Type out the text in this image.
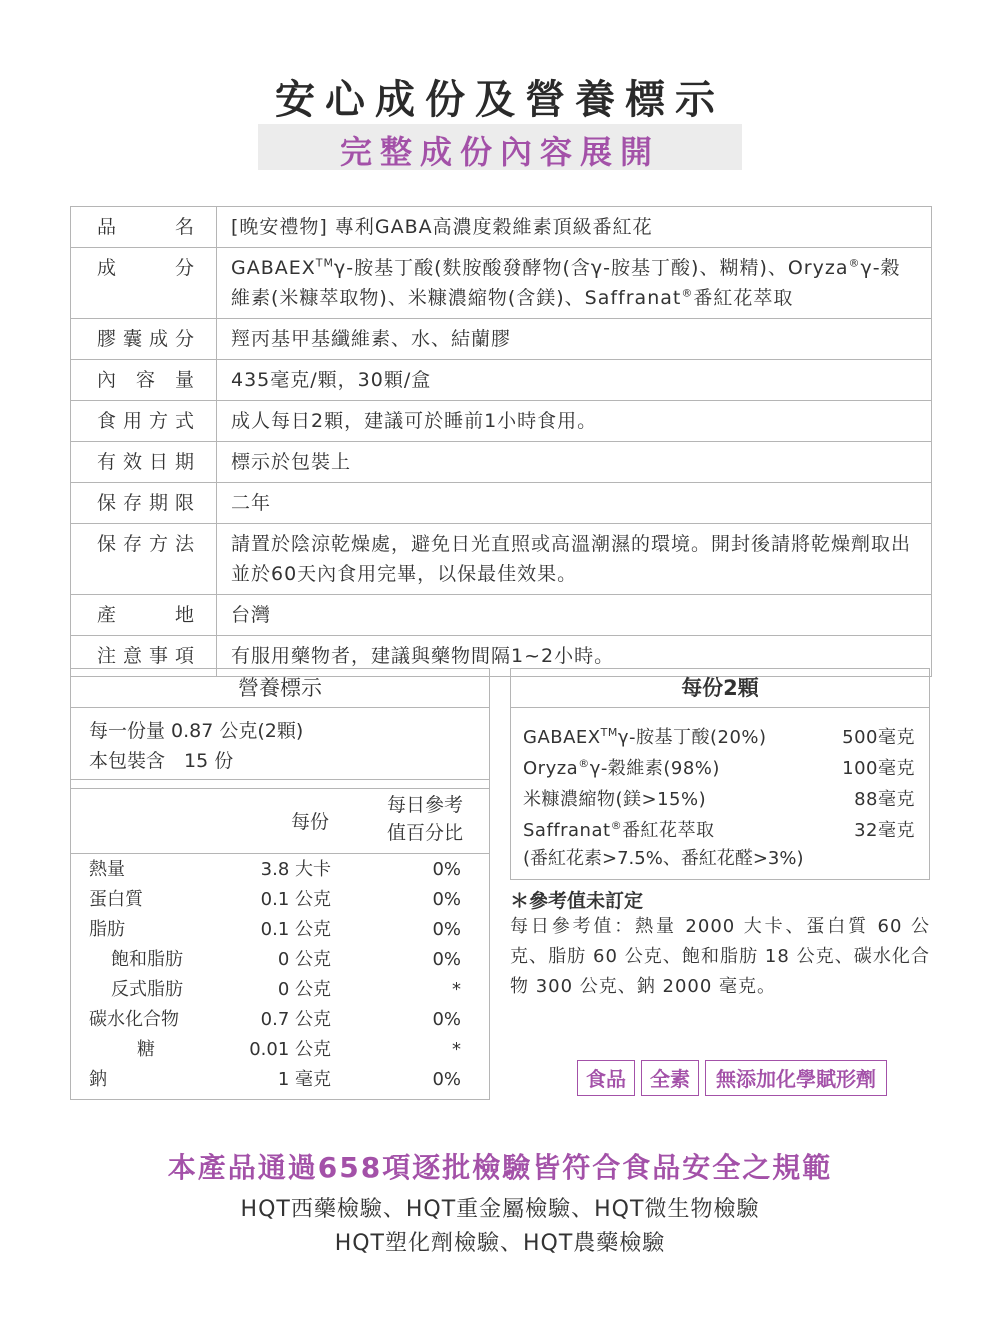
安心成份及營養標示
完整成份內容展開
品	名	[晚安禮物] 專利GABA高濃度穀維素頂級番紅花
成	分	GABAEX™γ-胺基丁酸(麩胺酸發酵物(含γ-胺基丁酸)、糊精)、Oryza®γ-穀維素(米糠萃取物)、米糠濃縮物(含鎂)、Saffranat®番紅花萃取
膠 囊 成 分	羥丙基甲基纖維素、水、結蘭膠
內 容 量	435毫克/顆，30顆/盒
食 用 方 式	成人每日2顆，建議可於睡前1小時食用。
有 效 日 期	標示於包裝上
保 存 期 限	二年
保 存 方 法	請置於陰涼乾燥處，避免日光直照或高溫潮濕的環境。開封後請將乾燥劑取出並於60天內食用完畢，以保最佳效果。
產	地	台灣
注 意 事 項	有服用藥物者，建議與藥物間隔1~2小時。
營養標示
每一份量 0.87 公克(2顆)
本包裝含　15 份
每份
每日參考
值百分比
熱量	3.8 大卡	0%
蛋白質	0.1 公克	0%
脂肪	0.1 公克	0%
飽和脂肪	0 公克	0%
反式脂肪	0 公克	*
碳水化合物	0.7 公克	0%
糖	0.01 公克	*
鈉	1 毫克	0%
每份2顆
GABAEX™γ-胺基丁酸(20%)	500毫克
Oryza®γ-穀維素(98%)	100毫克
米糠濃縮物(鎂>15%)	88毫克
Saffranat®番紅花萃取	32毫克
(番紅花素>7.5%、番紅花醛>3%)
＊參考值未訂定
每日參考值：熱量 2000 大卡、蛋白質 60 公克、脂肪 60 公克、飽和脂肪 18 公克、碳水化合物 300 公克、鈉 2000 毫克。
食品	全素	無添加化學賦形劑
本產品通過658項逐批檢驗皆符合食品安全之規範
HQT西藥檢驗、HQT重金屬檢驗、HQT微生物檢驗
HQT塑化劑檢驗、HQT農藥檢驗
